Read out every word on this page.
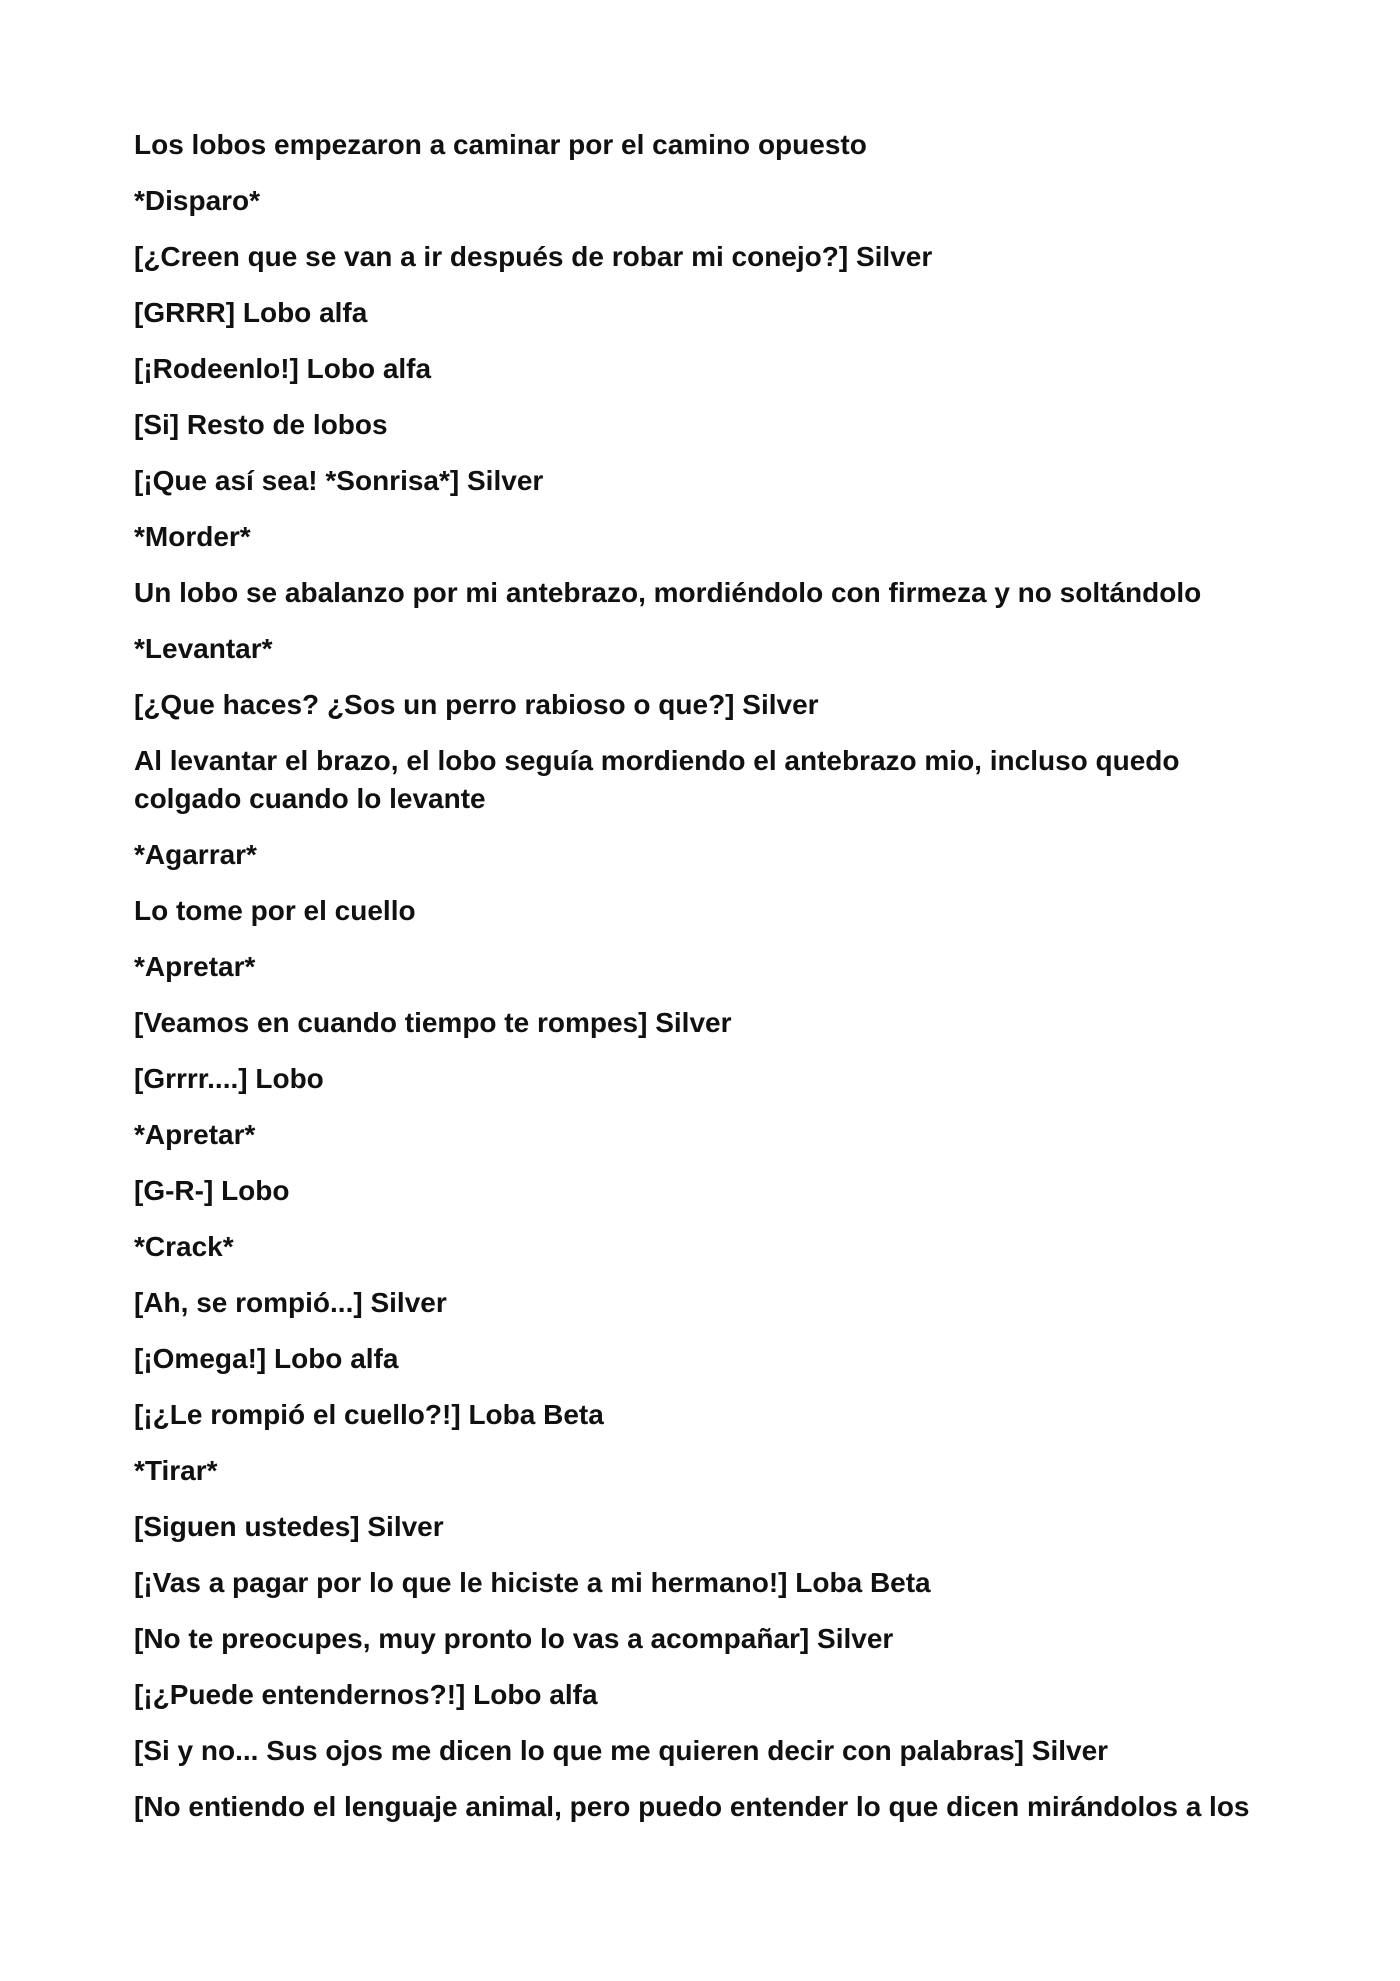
Los lobos empezaron a caminar por el camino opuesto

*Disparo*

[¿Creen que se van a ir después de robar mi conejo?] Silver

[GRRR] Lobo alfa

[¡Rodeenlo!] Lobo alfa

[Si] Resto de lobos

[¡Que así sea! *Sonrisa*] Silver

*Morder*

Un lobo se abalanzo por mi antebrazo, mordiéndolo con firmeza y no soltándolo

*Levantar*

[¿Que haces? ¿Sos un perro rabioso o que?] Silver

Al levantar el brazo, el lobo seguía mordiendo el antebrazo mio, incluso quedo colgado cuando lo levante

*Agarrar*

Lo tome por el cuello

*Apretar*

[Veamos en cuando tiempo te rompes] Silver

[Grrrr....] Lobo

*Apretar*

[G-R-] Lobo

*Crack*

[Ah, se rompió...] Silver

[¡Omega!] Lobo alfa

[¡¿Le rompió el cuello?!] Loba Beta

*Tirar*

[Siguen ustedes] Silver

[¡Vas a pagar por lo que le hiciste a mi hermano!] Loba Beta

[No te preocupes, muy pronto lo vas a acompañar] Silver

[¡¿Puede entendernos?!] Lobo alfa

[Si y no... Sus ojos me dicen lo que me quieren decir con palabras] Silver

[No entiendo el lenguaje animal, pero puedo entender lo que dicen mirándolos a los
